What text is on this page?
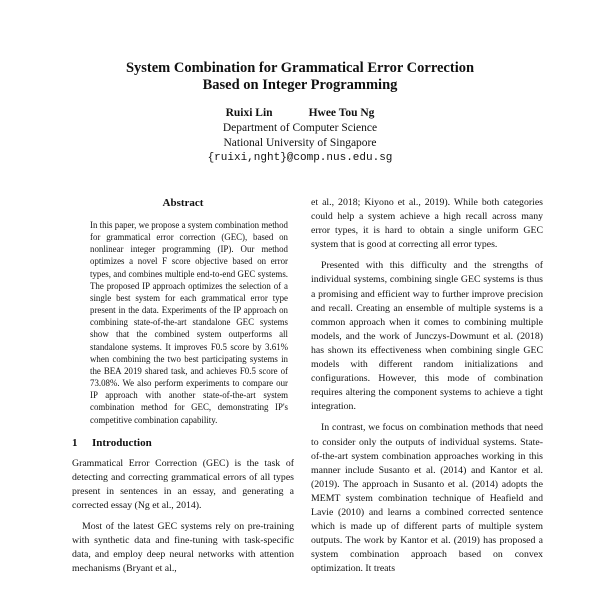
System Combination for Grammatical Error Correction
Based on Integer Programming
Ruixi Lin	Hwee Tou Ng
Department of Computer Science
National University of Singapore
{ruixi,nght}@comp.nus.edu.sg
Abstract

In this paper, we propose a system combination method for grammatical error correction (GEC), based on nonlinear integer programming (IP). Our method optimizes a novel F score objective based on error types, and combines multiple end-to-end GEC systems. The proposed IP approach optimizes the selection of a single best system for each grammatical error type present in the data. Experiments of the IP approach on combining state-of-the-art standalone GEC systems show that the combined system outperforms all standalone systems. It improves F0.5 score by 3.61% when combining the two best participating systems in the BEA 2019 shared task, and achieves F0.5 score of 73.08%. We also perform experiments to compare our IP approach with another state-of-the-art system combination method for GEC, demonstrating IP's competitive combination capability.

1 Introduction

Grammatical Error Correction (GEC) is the task of detecting and correcting grammatical errors of all types present in sentences in an essay, and generating a corrected essay (Ng et al., 2014).

Most of the latest GEC systems rely on pre-training with synthetic data and fine-tuning with task-specific data, and employ deep neural networks with attention mechanisms (Bryant et al.,

et al., 2018; Kiyono et al., 2019). While both categories could help a system achieve a high recall across many error types, it is hard to obtain a single uniform GEC system that is good at correcting all error types.

Presented with this difficulty and the strengths of individual systems, combining single GEC systems is thus a promising and efficient way to further improve precision and recall. Creating an ensemble of multiple systems is a common approach when it comes to combining multiple models, and the work of Junczys-Dowmunt et al. (2018) has shown its effectiveness when combining single GEC models with different random initializations and configurations. However, this mode of combination requires altering the component systems to achieve a tight integration.

In contrast, we focus on combination methods that need to consider only the outputs of individual systems. State-of-the-art system combination approaches working in this manner include Susanto et al. (2014) and Kantor et al. (2019). The approach in Susanto et al. (2014) adopts the MEMT system combination technique of Heafield and Lavie (2010) and learns a combined corrected sentence which is made up of different parts of multiple system outputs. The work by Kantor et al. (2019) has proposed a system combination approach based on convex optimization. It treats
